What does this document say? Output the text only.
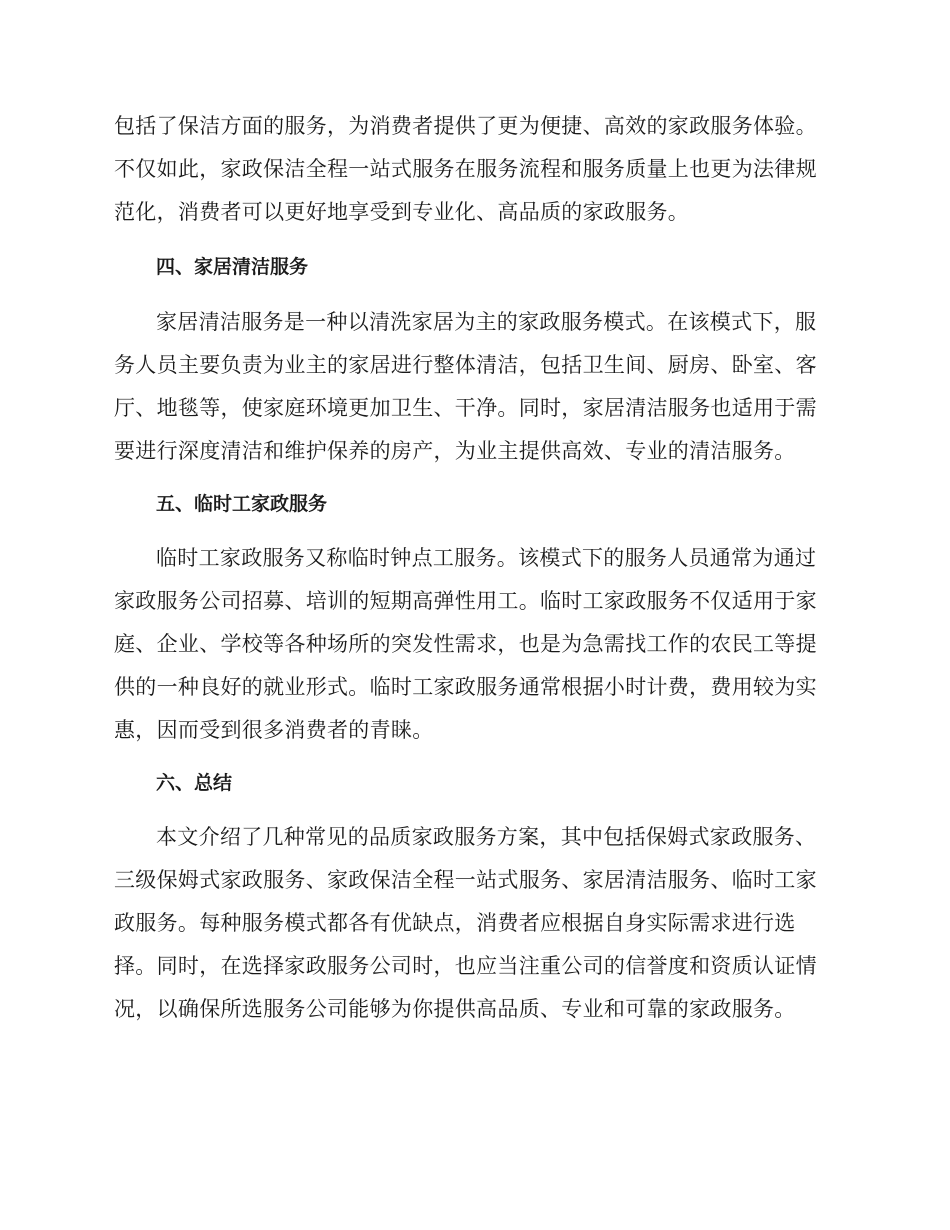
包括了保洁方面的服务，为消费者提供了更为便捷、高效的家政服务体验。
不仅如此，家政保洁全程一站式服务在服务流程和服务质量上也更为法律规
范化，消费者可以更好地享受到专业化、高品质的家政服务。
四、家居清洁服务
家居清洁服务是一种以清洗家居为主的家政服务模式。在该模式下，服
务人员主要负责为业主的家居进行整体清洁，包括卫生间、厨房、卧室、客
厅、地毯等，使家庭环境更加卫生、干净。同时，家居清洁服务也适用于需
要进行深度清洁和维护保养的房产，为业主提供高效、专业的清洁服务。
五、临时工家政服务
临时工家政服务又称临时钟点工服务。该模式下的服务人员通常为通过
家政服务公司招募、培训的短期高弹性用工。临时工家政服务不仅适用于家
庭、企业、学校等各种场所的突发性需求，也是为急需找工作的农民工等提
供的一种良好的就业形式。临时工家政服务通常根据小时计费，费用较为实
惠，因而受到很多消费者的青睐。
六、总结
本文介绍了几种常见的品质家政服务方案，其中包括保姆式家政服务、
三级保姆式家政服务、家政保洁全程一站式服务、家居清洁服务、临时工家
政服务。每种服务模式都各有优缺点，消费者应根据自身实际需求进行选
择。同时，在选择家政服务公司时，也应当注重公司的信誉度和资质认证情
况，以确保所选服务公司能够为你提供高品质、专业和可靠的家政服务。
